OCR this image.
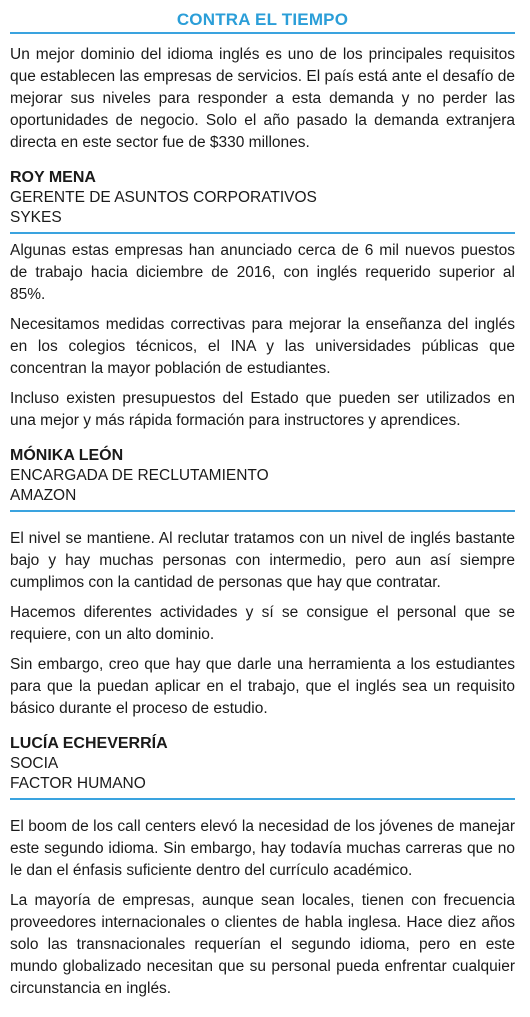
CONTRA EL TIEMPO

Un mejor dominio del idioma inglés es uno de los principales requisitos que establecen las empresas de servicios. El país está ante el desafío de mejorar sus niveles para responder a esta demanda y no perder las oportunidades de negocio. Solo el año pasado la demanda extranjera directa en este sector fue de $330 millones.

ROY MENA
GERENTE DE ASUNTOS CORPORATIVOS
SYKES

Algunas estas empresas han anunciado cerca de 6 mil nuevos puestos de trabajo hacia diciembre de 2016, con inglés requerido superior al 85%.

Necesitamos medidas correctivas para mejorar la enseñanza del inglés en los colegios técnicos, el INA y las universidades públicas que concentran la mayor población de estudiantes.

Incluso existen presupuestos del Estado que pueden ser utilizados en una mejor y más rápida formación para instructores y aprendices.

MÓNIKA LEÓN
ENCARGADA DE RECLUTAMIENTO
AMAZON

El nivel se mantiene. Al reclutar tratamos con un nivel de inglés bastante bajo y hay muchas personas con intermedio, pero aun así siempre cumplimos con la cantidad de personas que hay que contratar.

Hacemos diferentes actividades y sí se consigue el personal que se requiere, con un alto dominio.

Sin embargo, creo que hay que darle una herramienta a los estudiantes para que la puedan aplicar en el trabajo, que el inglés sea un requisito básico durante el proceso de estudio.

LUCÍA ECHEVERRÍA
SOCIA
FACTOR HUMANO

El boom de los call centers elevó la necesidad de los jóvenes de manejar este segundo idioma. Sin embargo, hay todavía muchas carreras que no le dan el énfasis suficiente dentro del currículo académico.

La mayoría de empresas, aunque sean locales, tienen con frecuencia proveedores internacionales o clientes de habla inglesa. Hace diez años solo las transnacionales requerían el segundo idioma, pero en este mundo globalizado necesitan que su personal pueda enfrentar cualquier circunstancia en inglés.
